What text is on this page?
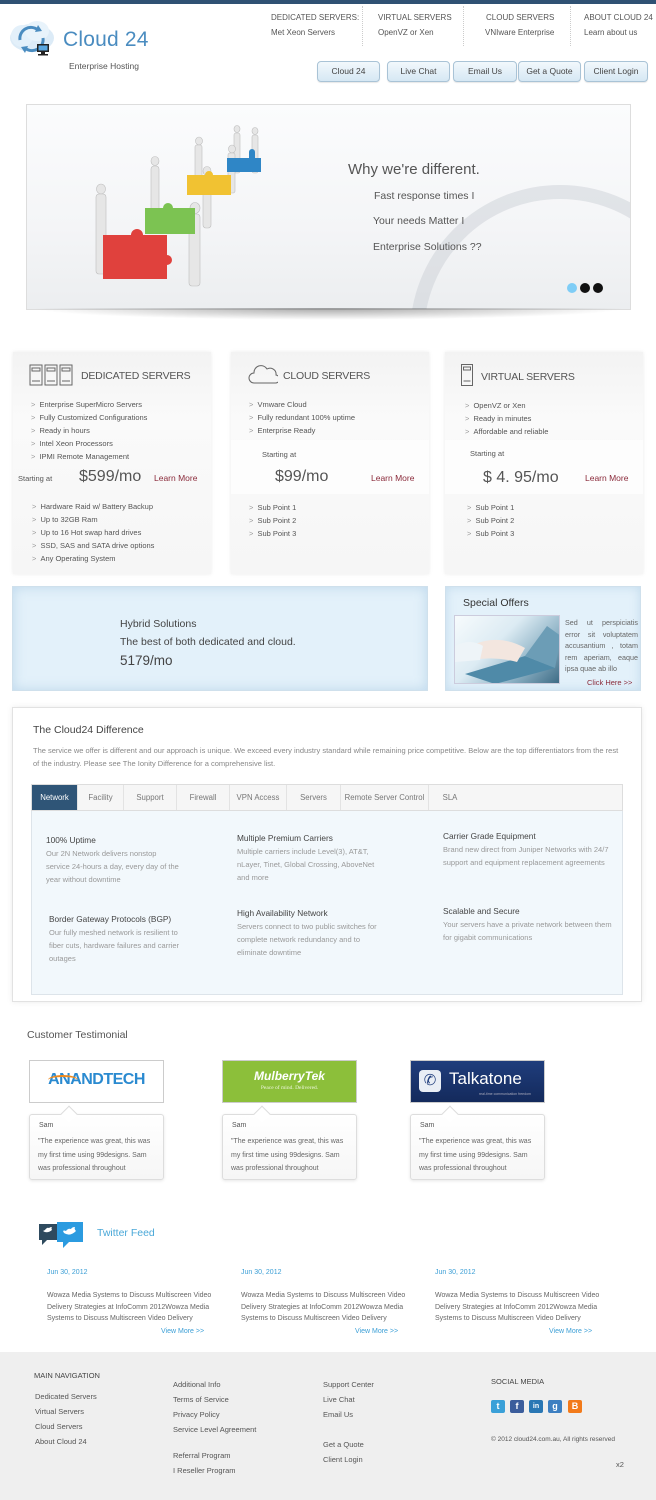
Cloud 24
Enterprise Hosting
DEDICATED SERVERS:
Met Xeon Servers
VIRTUAL SERVERS
OpenVZ or Xen
CLOUD SERVERS
VNIware Enterprise
ABOUT CLOUD 24
Learn about us
Cloud 24	Live Chat	Email Us	Get a Quote	Client Login
Why we're different.
Fast response times I
Your needs Matter I
Enterprise Solutions ??
DEDICATED SERVERS
> Enterprise SuperMicro Servers
> Fully Customized Configurations
> Ready in hours
> Intel Xeon Processors
> IPMI Remote Management
Starting at $599/mo Learn More
> Hardware Raid w/ Battery Backup
> Up to 32GB Ram
> Up to 16 Hot swap hard drives
> SSD, SAS and SATA drive options
> Any Operating System
CLOUD SERVERS
> Vmware Cloud
> Fully redundant 100% uptime
> Enterprise Ready
Starting at
$99/mo	Learn More
> Sub Point 1
> Sub Point 2
> Sub Point 3
VIRTUAL SERVERS
> OpenVZ or Xen
> Ready in minutes
> Affordable and reliable
Starting at
$ 4. 95/mo	Learn More
> Sub Point 1
> Sub Point 2
> Sub Point 3
Hybrid Solutions
The best of both dedicated and cloud.
5179/mo
Special Offers
Sed ut perspiciatis error sit voluptatem accusantium , totam rem aperiam, eaque ipsa quae ab illo
Click Here >>
The Cloud24 Difference
The service we offer is different and our approach is unique. We exceed every industry standard while remaining price competitive. Below are the top differentiators from the rest of the industry. Please see The Ionity Difference for a comprehensive list.
Network	Facility	Support	Firewall	VPN Access	Servers	Remote Server Control	SLA
100% Uptime
Our 2N Network delivers nonstop service 24-hours a day, every day of the year without downtime
Multiple Premium Carriers
Multiple carriers include Level(3), AT&T, nLayer, Tinet, Global Crossing, AboveNet and more
Carrier Grade Equipment
Brand new direct from Juniper Networks with 24/7 support and equipment replacement agreements
Border Gateway Protocols (BGP)
Our fully meshed network is resilient to fiber cuts, hardware failures and carrier outages
High Availability Network
Servers connect to two public switches for complete network redundancy and to eliminate downtime
Scalable and Secure
Your servers have a private network between them for gigabit communications
Customer Testimonial
ANANDTECH	MulberryTek
Peace of mind. Delivered.	✆ Talkatone
real-time communication freedom
Sam
"The experience was great, this was my first time using 99designs. Sam was professional throughout
Sam
"The experience was great, this was my first time using 99designs. Sam was professional throughout
Sam
"The experience was great, this was my first time using 99designs. Sam was professional throughout
Twitter Feed
Jun 30, 2012
Wowza Media Systems to Discuss Multiscreen Video Delivery Strategies at InfoComm 2012Wowza Media Systems to Discuss Multiscreen Video Delivery
View More >>
Jun 30, 2012
Wowza Media Systems to Discuss Multiscreen Video Delivery Strategies at InfoComm 2012Wowza Media Systems to Discuss Multiscreen Video Delivery
View More >>
Jun 30, 2012
Wowza Media Systems to Discuss Multiscreen Video Delivery Strategies at InfoComm 2012Wowza Media Systems to Discuss Multiscreen Video Delivery
View More >>
MAIN NAVIGATION
Dedicated Servers
Virtual Servers
Cloud Servers
About Cloud 24
Additional Info
Terms of Service
Privacy Policy
Service Level Agreement
Referral Program
I Reseller Program
Support Center
Live Chat
Email Us
Get a Quote
Client Login
SOCIAL MEDIA
t	f	in	g	B
© 2012 cloud24.com.au, All rights reserved
x2
